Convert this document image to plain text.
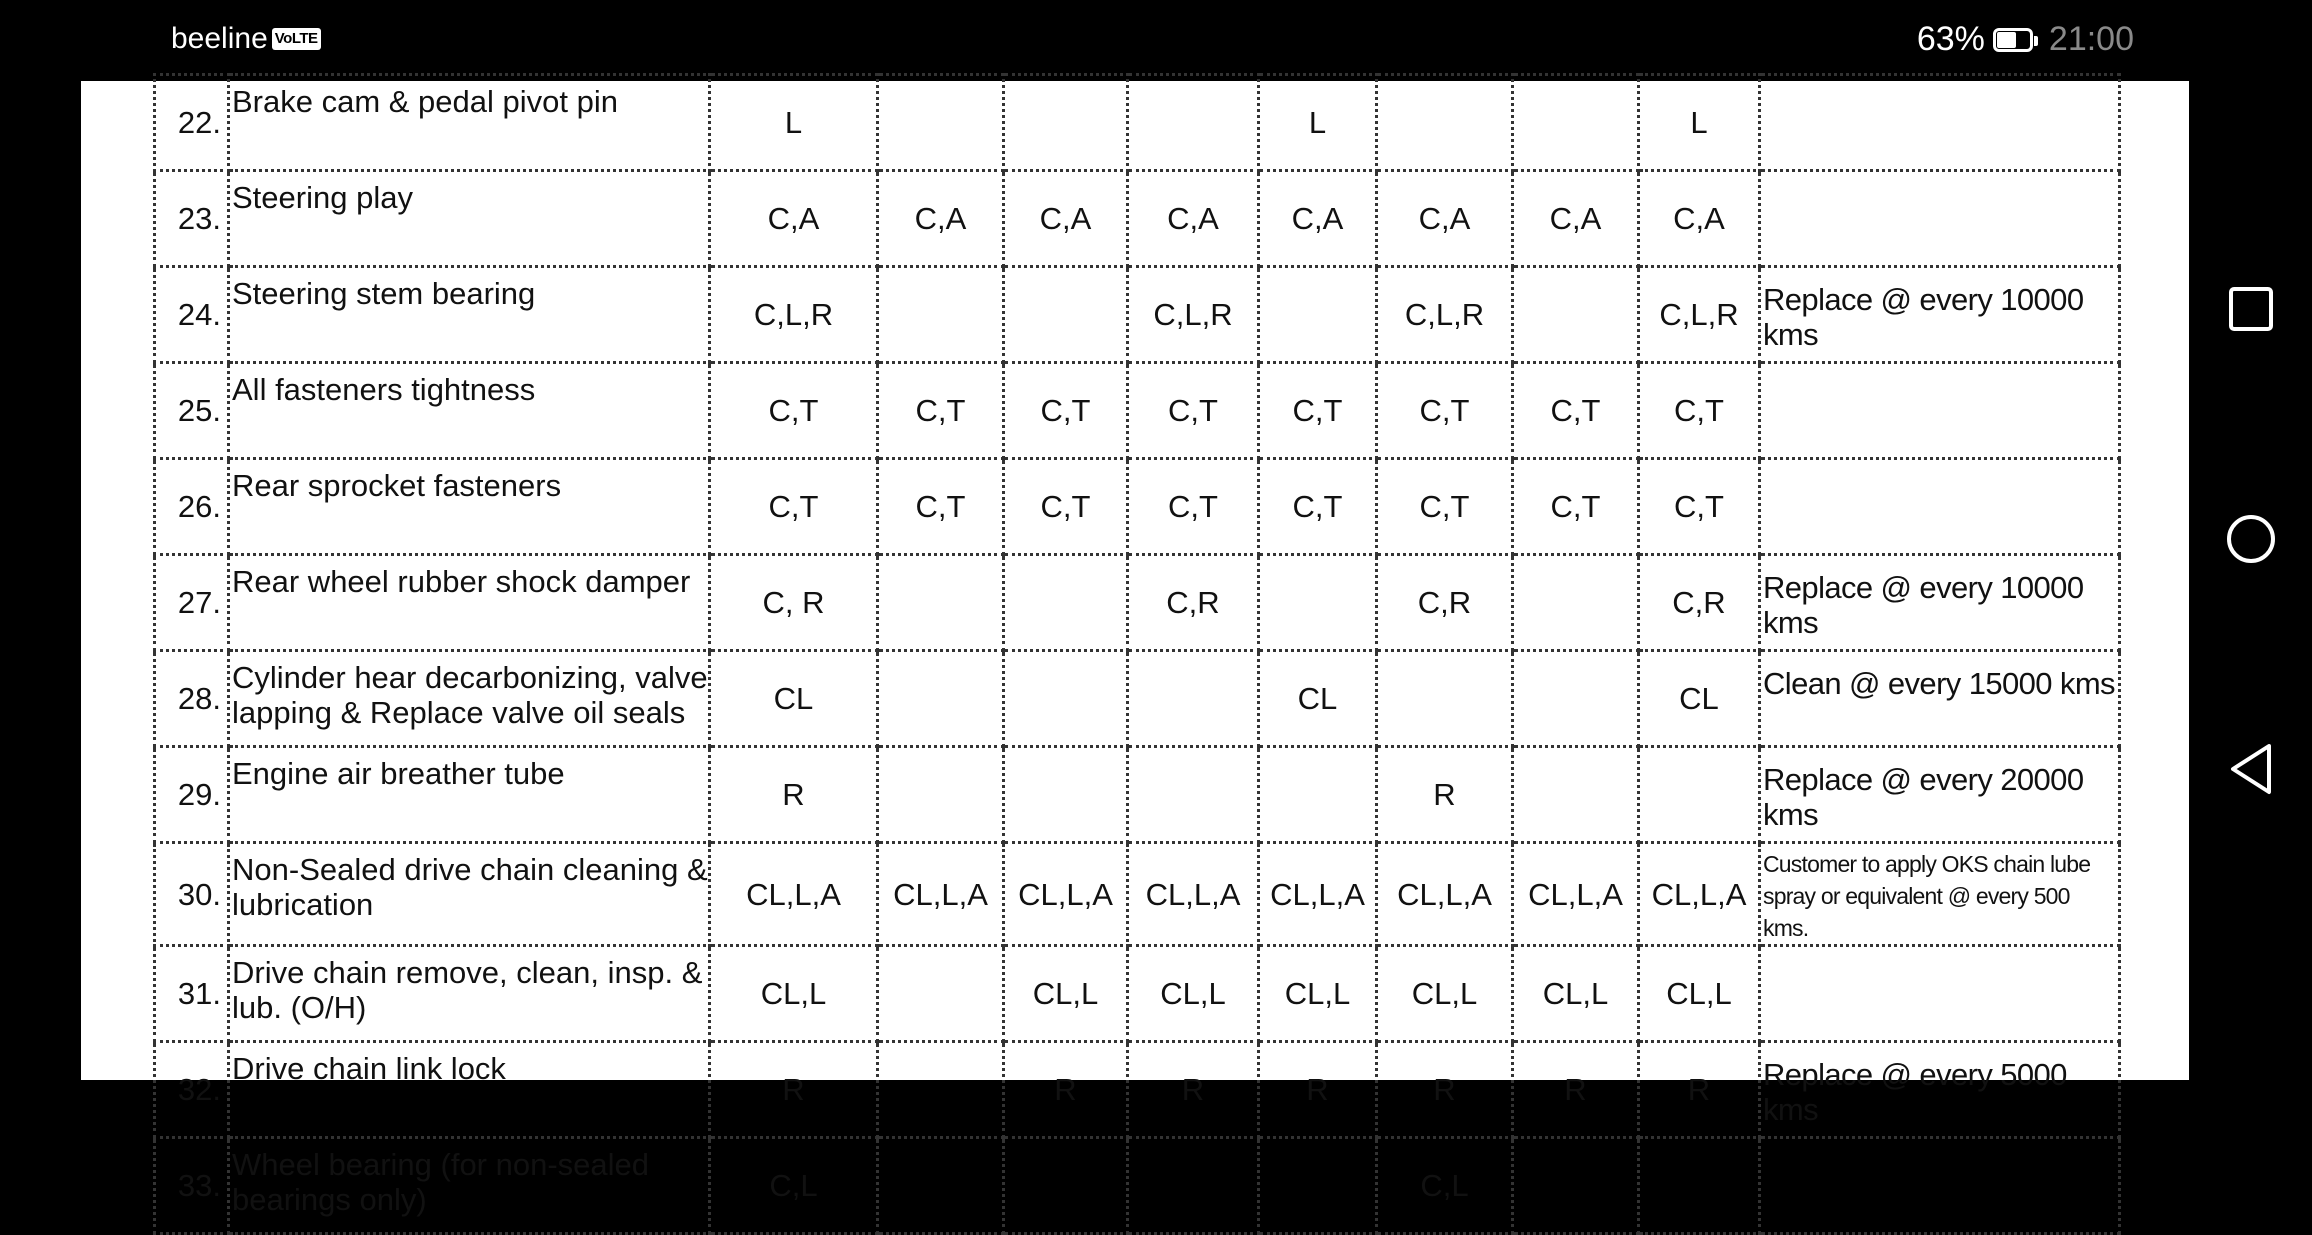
beeline VoLTE	63% 21:00
22.	Brake cam & pedal pivot pin	L				L			L	
23.	Steering play	C,A	C,A	C,A	C,A	C,A	C,A	C,A	C,A	
24.	Steering stem bearing	C,L,R			C,L,R		C,L,R		C,L,R	Replace @ every 10000 kms
25.	All fasteners tightness	C,T	C,T	C,T	C,T	C,T	C,T	C,T	C,T	
26.	Rear sprocket fasteners	C,T	C,T	C,T	C,T	C,T	C,T	C,T	C,T	
27.	Rear wheel rubber shock damper	C, R			C,R		C,R		C,R	Replace @ every 10000 kms
28.	Cylinder hear decarbonizing, valve
lapping & Replace valve oil seals	CL				CL			CL	Clean @ every 15000 kms
29.	Engine air breather tube	R					R			Replace @ every 20000 kms
30.	Non-Sealed drive chain cleaning &
lubrication	CL,L,A	CL,L,A	CL,L,A	CL,L,A	CL,L,A	CL,L,A	CL,L,A	CL,L,A	Customer to apply OKS chain lube spray or equivalent @ every 500 kms.
31.	Drive chain remove, clean, insp. &
lub. (O/H)	CL,L		CL,L	CL,L	CL,L	CL,L	CL,L	CL,L	
32.	Drive chain link lock	R		R	R	R	R	R	R	Replace @ every 5000 kms
33.	Wheel bearing (for non-sealed
bearings only)	C,L					C,L			
